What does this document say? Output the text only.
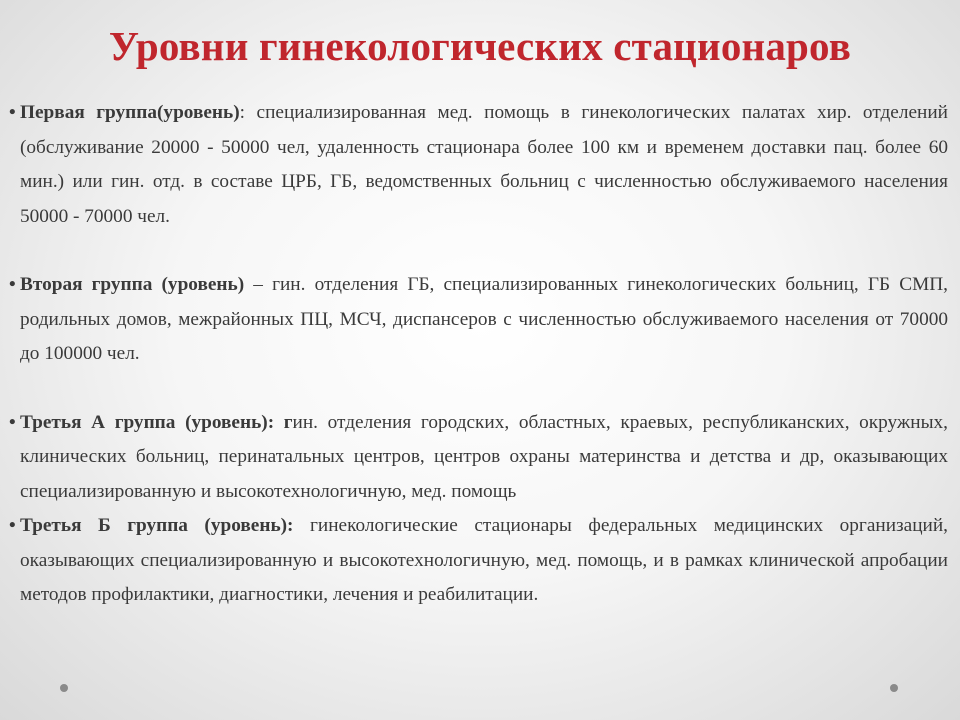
Уровни гинекологических стационаров
• Первая группа(уровень): специализированная мед. помощь в гинекологических палатах хир. отделений (обслуживание 20000 - 50000 чел, удаленность стационара более 100 км и временем доставки пац. более 60 мин.) или гин. отд. в составе ЦРБ, ГБ, ведомственных больниц с численностью обслуживаемого населения 50000 - 70000 чел.
• Вторая группа (уровень) – гин. отделения ГБ, специализированных гинекологических больниц, ГБ СМП, родильных домов, межрайонных ПЦ, МСЧ, диспансеров с численностью обслуживаемого населения от 70000 до 100000 чел.
• Третья А группа (уровень): гин. отделения городских, областных, краевых, республиканских, окружных, клинических больниц, перинатальных центров, центров охраны материнства и детства и др, оказывающих специализированную и высокотехнологичную, мед. помощь
• Третья Б группа (уровень): гинекологические стационары федеральных медицинских организаций, оказывающих специализированную и высокотехнологичную, мед. помощь, и в рамках клинической апробации методов профилактики, диагностики, лечения и реабилитации.
